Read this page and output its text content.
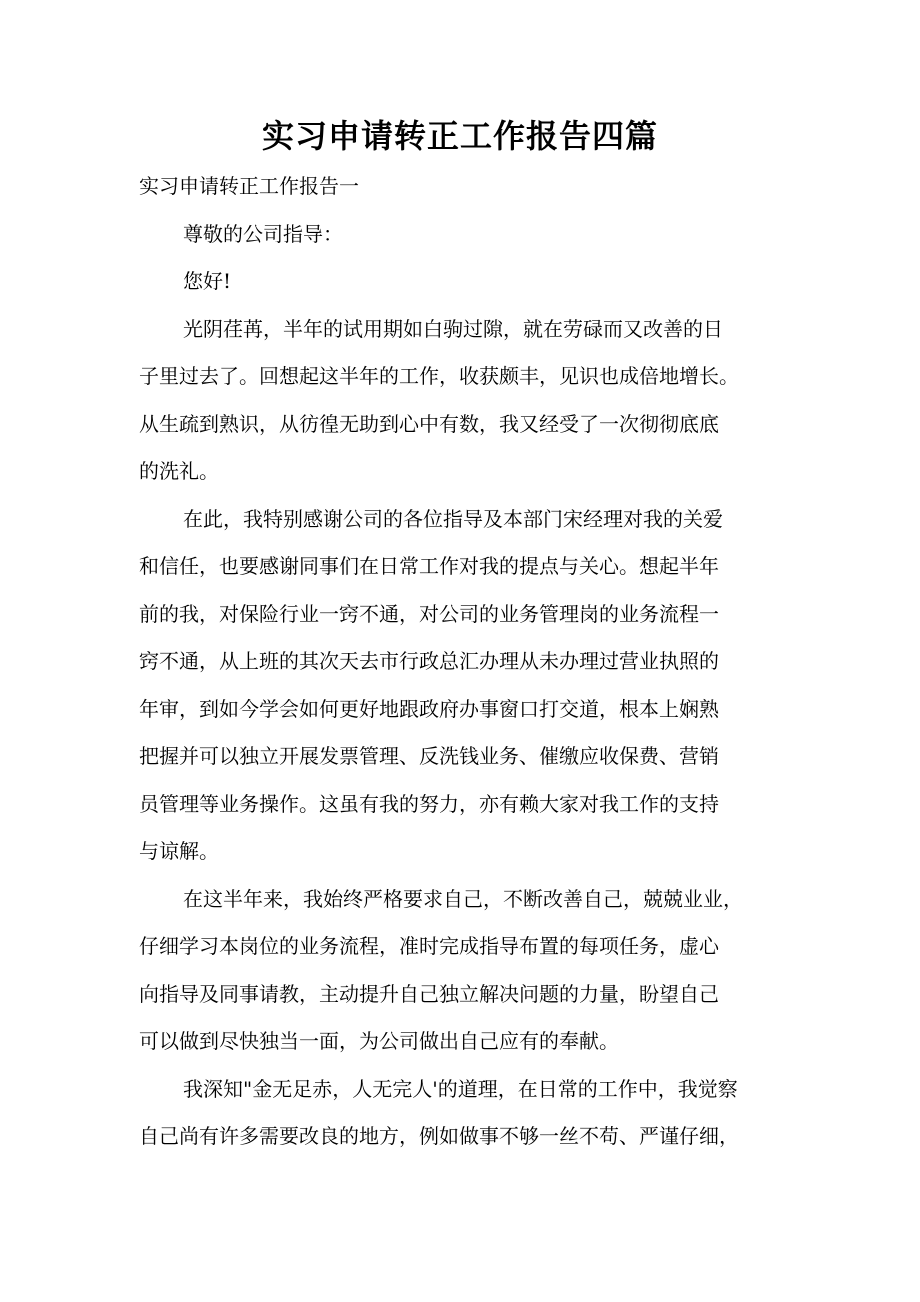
实习申请转正工作报告四篇
实习申请转正工作报告一
尊敬的公司指导：
您好!
光阴荏苒，半年的试用期如白驹过隙，就在劳碌而又改善的日
子里过去了。回想起这半年的工作，收获颇丰，见识也成倍地增长。
从生疏到熟识，从彷徨无助到心中有数，我又经受了一次彻彻底底
的洗礼。
在此，我特别感谢公司的各位指导及本部门宋经理对我的关爱
和信任，也要感谢同事们在日常工作对我的提点与关心。想起半年
前的我，对保险行业一窍不通，对公司的业务管理岗的业务流程一
窍不通，从上班的其次天去市行政总汇办理从未办理过营业执照的
年审，到如今学会如何更好地跟政府办事窗口打交道，根本上娴熟
把握并可以独立开展发票管理、反洗钱业务、催缴应收保费、营销
员管理等业务操作。这虽有我的努力，亦有赖大家对我工作的支持
与谅解。
在这半年来，我始终严格要求自己，不断改善自己，兢兢业业，
仔细学习本岗位的业务流程，准时完成指导布置的每项任务，虚心
向指导及同事请教，主动提升自己独立解决问题的力量，盼望自己
可以做到尽快独当一面，为公司做出自己应有的奉献。
我深知"金无足赤，人无完人'的道理，在日常的工作中，我觉察
自己尚有许多需要改良的地方，例如做事不够一丝不苟、严谨仔细，
